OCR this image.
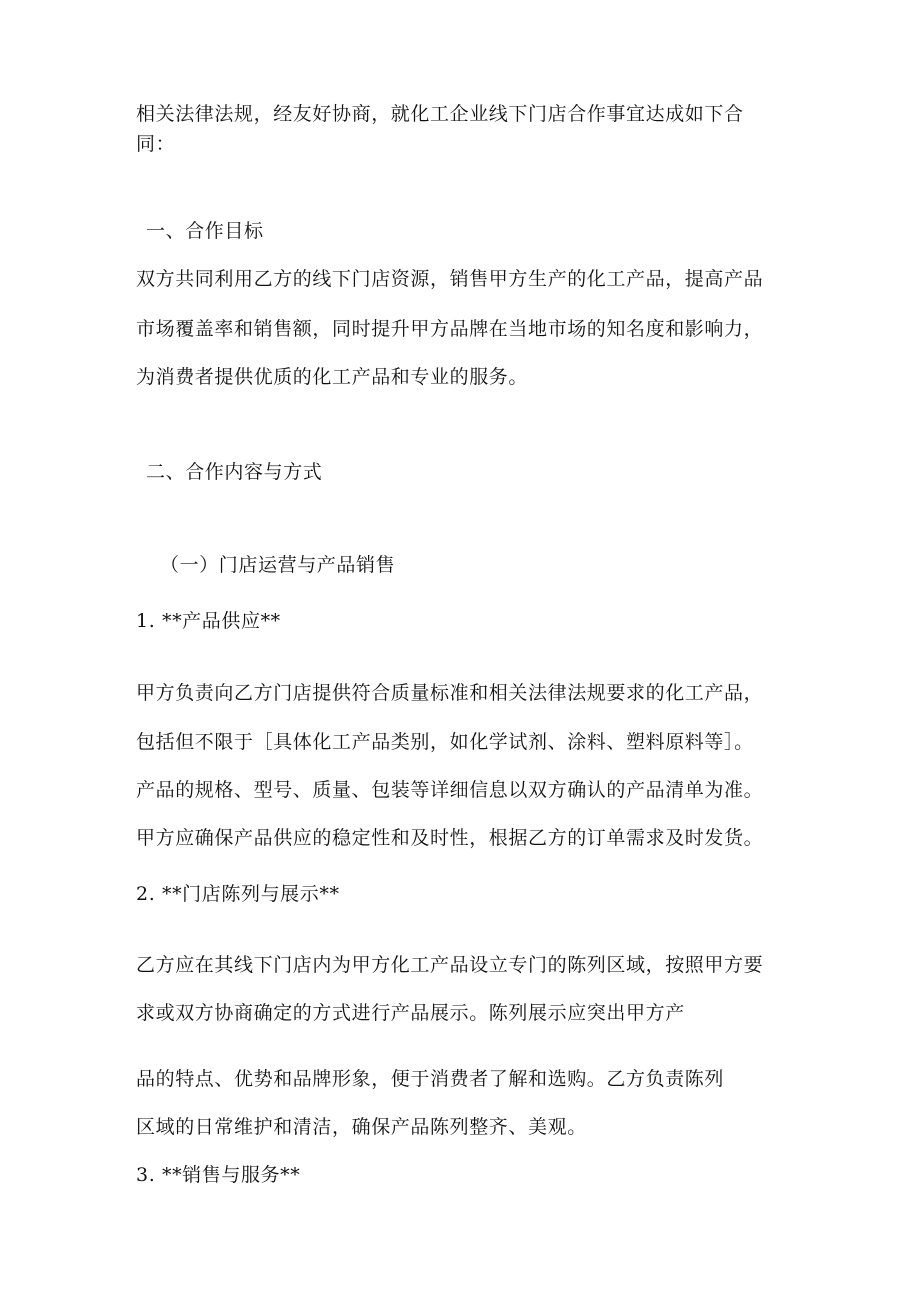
相关法律法规，经友好协商，就化工企业线下门店合作事宜达成如下合
同：
一、合作目标
双方共同利用乙方的线下门店资源，销售甲方生产的化工产品，提高产品
市场覆盖率和销售额，同时提升甲方品牌在当地市场的知名度和影响力，
为消费者提供优质的化工产品和专业的服务。
二、合作内容与方式
（一）门店运营与产品销售
1. **产品供应**
甲方负责向乙方门店提供符合质量标准和相关法律法规要求的化工产品，
包括但不限于［具体化工产品类别，如化学试剂、涂料、塑料原料等］。
产品的规格、型号、质量、包装等详细信息以双方确认的产品清单为准。
甲方应确保产品供应的稳定性和及时性，根据乙方的订单需求及时发货。
2. **门店陈列与展示**
乙方应在其线下门店内为甲方化工产品设立专门的陈列区域，按照甲方要
求或双方协商确定的方式进行产品展示。陈列展示应突出甲方产
品的特点、优势和品牌形象，便于消费者了解和选购。乙方负责陈列
区域的日常维护和清洁，确保产品陈列整齐、美观。
3. **销售与服务**
